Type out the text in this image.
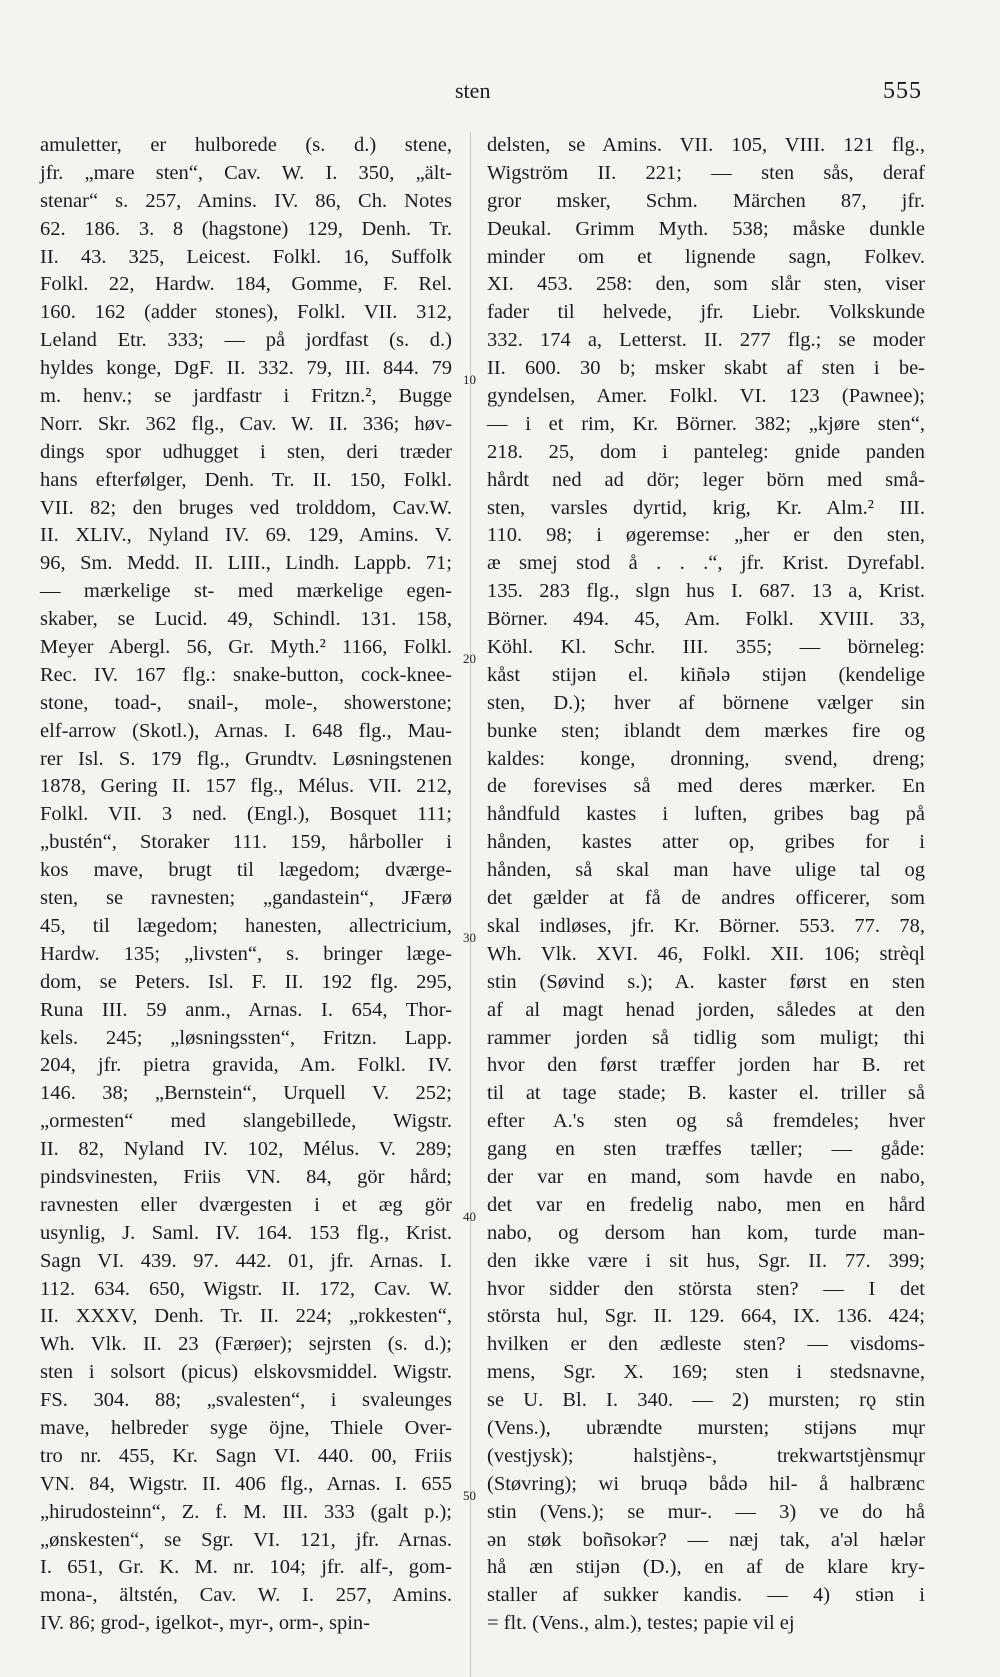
sten	555
10
20
30
40
50
amuletter, er hulborede (s. d.) stene,
jfr. „mare sten“, Cav. W. I. 350, „ält-
stenar“ s. 257, Amins. IV. 86, Ch. Notes
62. 186. 3. 8 (hagstone) 129, Denh. Tr.
II. 43. 325, Leicest. Folkl. 16, Suffolk
Folkl. 22, Hardw. 184, Gomme, F. Rel.
160. 162 (adder stones), Folkl. VII. 312,
Leland Etr. 333; — på jordfast (s. d.)
hyldes konge, DgF. II. 332. 79, III. 844. 79
m. henv.; se jardfastr i Fritzn.², Bugge
Norr. Skr. 362 flg., Cav. W. II. 336; høv-
dings spor udhugget i sten, deri træder
hans efterfølger, Denh. Tr. II. 150, Folkl.
VII. 82; den bruges ved trolddom, Cav.W.
II. XLIV., Nyland IV. 69. 129, Amins. V.
96, Sm. Medd. II. LIII., Lindh. Lappb. 71;
— mærkelige st- med mærkelige egen-
skaber, se Lucid. 49, Schindl. 131. 158,
Meyer Abergl. 56, Gr. Myth.² 1166, Folkl.
Rec. IV. 167 flg.: snake-button, cock-knee-
stone, toad-, snail-, mole-, showerstone;
elf-arrow (Skotl.), Arnas. I. 648 flg., Mau-
rer Isl. S. 179 flg., Grundtv. Løsningstenen
1878, Gering II. 157 flg., Mélus. VII. 212,
Folkl. VII. 3 ned. (Engl.), Bosquet 111;
„bustén“, Storaker 111. 159, hårboller i
kos mave, brugt til lægedom; dværge-
sten, se ravnesten; „gandastein“, JFærø
45, til lægedom; hanesten, allectricium,
Hardw. 135; „livsten“, s. bringer læge-
dom, se Peters. Isl. F. II. 192 flg. 295,
Runa III. 59 anm., Arnas. I. 654, Thor-
kels. 245; „løsningssten“, Fritzn. Lapp.
204, jfr. pietra gravida, Am. Folkl. IV.
146. 38; „Bernstein“, Urquell V. 252;
„ormesten“ med slangebillede, Wigstr.
II. 82, Nyland IV. 102, Mélus. V. 289;
pindsvinesten, Friis VN. 84, gör hård;
ravnesten eller dværgesten i et æg gör
usynlig, J. Saml. IV. 164. 153 flg., Krist.
Sagn VI. 439. 97. 442. 01, jfr. Arnas. I.
112. 634. 650, Wigstr. II. 172, Cav. W.
II. XXXV, Denh. Tr. II. 224; „rokkesten“,
Wh. Vlk. II. 23 (Færøer); sejrsten (s. d.);
sten i solsort (picus) elskovsmiddel. Wigstr.
FS. 304. 88; „svalesten“, i svaleunges
mave, helbreder syge öjne, Thiele Over-
tro nr. 455, Kr. Sagn VI. 440. 00, Friis
VN. 84, Wigstr. II. 406 flg., Arnas. I. 655
„hirudosteinn“, Z. f. M. III. 333 (galt p.);
„ønskesten“, se Sgr. VI. 121, jfr. Arnas.
I. 651, Gr. K. M. nr. 104; jfr. alf-, gom-
mona-, ältstén, Cav. W. I. 257, Amins.
IV. 86; grod-, igelkot-, myr-, orm-, spin-
delsten, se Amins. VII. 105, VIII. 121 flg.,
Wigström II. 221; — sten sås, deraf
gror msker, Schm. Märchen 87, jfr.
Deukal. Grimm Myth. 538; måske dunkle
minder om et lignende sagn, Folkev.
XI. 453. 258: den, som slår sten, viser
fader til helvede, jfr. Liebr. Volkskunde
332. 174 a, Letterst. II. 277 flg.; se moder
II. 600. 30 b; msker skabt af sten i be-
gyndelsen, Amer. Folkl. VI. 123 (Pawnee);
— i et rim, Kr. Börner. 382; „kjøre sten“,
218. 25, dom i panteleg: gnide panden
hårdt ned ad dör; leger börn med små-
sten, varsles dyrtid, krig, Kr. Alm.² III.
110. 98; i øgeremse: „her er den sten,
æ smej stod å . . .“, jfr. Krist. Dyrefabl.
135. 283 flg., slgn hus I. 687. 13 a, Krist.
Börner. 494. 45, Am. Folkl. XVIII. 33,
Köhl. Kl. Schr. III. 355; — börneleg:
kåst stijən el. kiñələ stijən (kendelige
sten, D.); hver af börnene vælger sin
bunke sten; iblandt dem mærkes fire og
kaldes: konge, dronning, svend, dreng;
de forevises så med deres mærker. En
håndfuld kastes i luften, gribes bag på
hånden, kastes atter op, gribes for i
hånden, så skal man have ulige tal og
det gælder at få de andres officerer, som
skal indløses, jfr. Kr. Börner. 553. 77. 78,
Wh. Vlk. XVI. 46, Folkl. XII. 106; strèql
stin (Søvind s.); A. kaster først en sten
af al magt henad jorden, således at den
rammer jorden så tidlig som muligt; thi
hvor den først træffer jorden har B. ret
til at tage stade; B. kaster el. triller så
efter A.'s sten og så fremdeles; hver
gang en sten træffes tæller; — gåde:
der var en mand, som havde en nabo,
det var en fredelig nabo, men en hård
nabo, og dersom han kom, turde man-
den ikke være i sit hus, Sgr. II. 77. 399;
hvor sidder den största sten? — I det
största hul, Sgr. II. 129. 664, IX. 136. 424;
hvilken er den ædleste sten? — visdoms-
mens, Sgr. X. 169; sten i stedsnavne,
se U. Bl. I. 340. — 2) mursten; rǫ stin
(Vens.), ubrændte mursten; stijəns mųr
(vestjysk); halstjèns-, trekwartstjènsmųr
(Støvring); wi bruqə bådə hil- å halbrænc
stin (Vens.); se mur-. — 3) ve do hå
ən støk boñsokər? — næj tak, a'əl hælər
hå æn stijən (D.), en af de klare kry-
staller af sukker kandis. — 4) stiən i
= flt. (Vens., alm.), testes; papie vil ej
